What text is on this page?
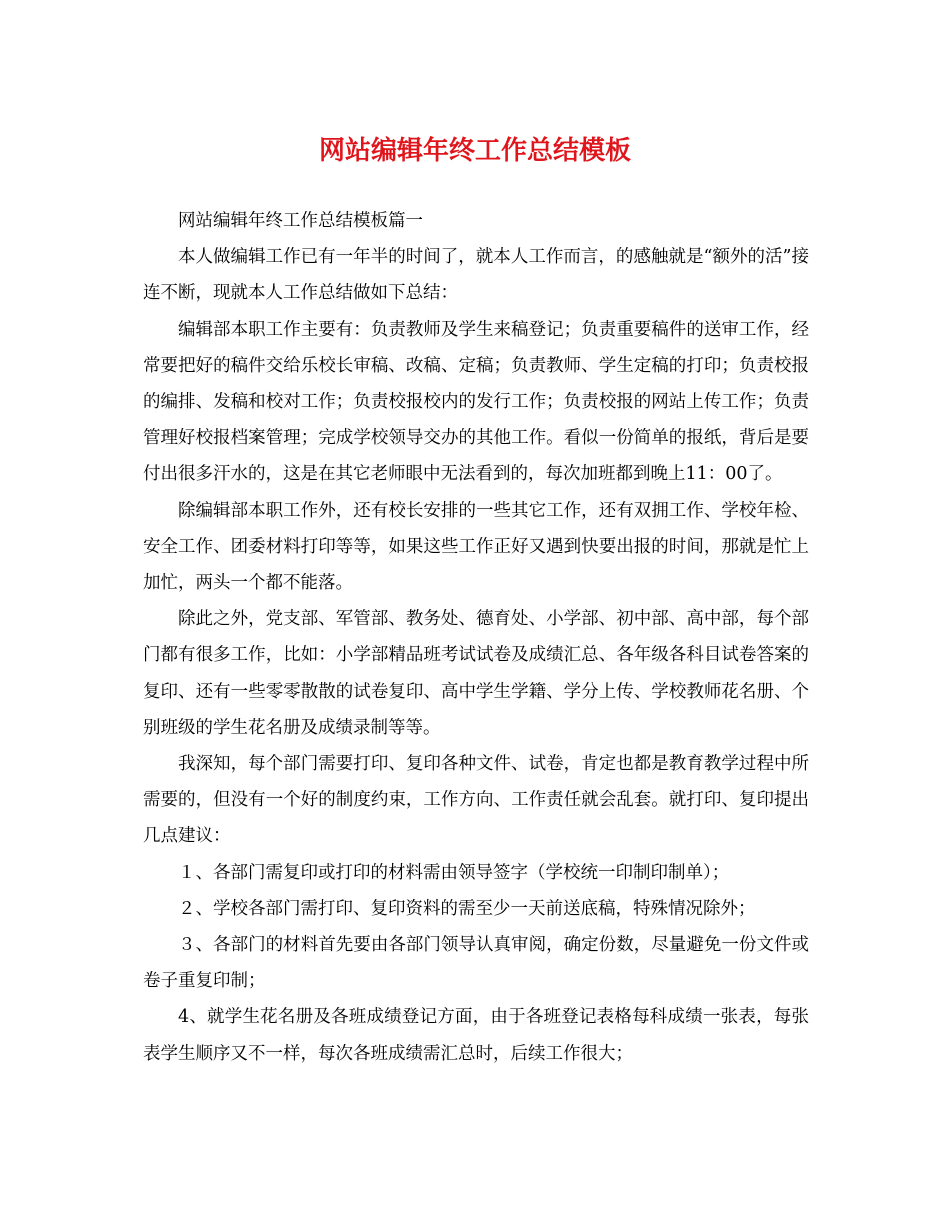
网站编辑年终工作总结模板

网站编辑年终工作总结模板篇一

本人做编辑工作已有一年半的时间了，就本人工作而言，的感触就是“额外的活”接连不断，现就本人工作总结做如下总结：

编辑部本职工作主要有：负责教师及学生来稿登记；负责重要稿件的送审工作，经常要把好的稿件交给乐校长审稿、改稿、定稿；负责教师、学生定稿的打印；负责校报的编排、发稿和校对工作；负责校报校内的发行工作；负责校报的网站上传工作；负责管理好校报档案管理；完成学校领导交办的其他工作。看似一份简单的报纸，背后是要付出很多汗水的，这是在其它老师眼中无法看到的，每次加班都到晚上11：00了。

除编辑部本职工作外，还有校长安排的一些其它工作，还有双拥工作、学校年检、安全工作、团委材料打印等等，如果这些工作正好又遇到快要出报的时间，那就是忙上加忙，两头一个都不能落。

除此之外，党支部、军管部、教务处、德育处、小学部、初中部、高中部，每个部门都有很多工作，比如：小学部精品班考试试卷及成绩汇总、各年级各科目试卷答案的复印、还有一些零零散散的试卷复印、高中学生学籍、学分上传、学校教师花名册、个别班级的学生花名册及成绩录制等等。

我深知，每个部门需要打印、复印各种文件、试卷，肯定也都是教育教学过程中所需要的，但没有一个好的制度约束，工作方向、工作责任就会乱套。就打印、复印提出几点建议：

１、各部门需复印或打印的材料需由领导签字（学校统一印制印制单）；

２、学校各部门需打印、复印资料的需至少一天前送底稿，特殊情况除外；

３、各部门的材料首先要由各部门领导认真审阅，确定份数，尽量避免一份文件或卷子重复印制；

4、就学生花名册及各班成绩登记方面，由于各班登记表格每科成绩一张表，每张表学生顺序又不一样，每次各班成绩需汇总时，后续工作很大；
